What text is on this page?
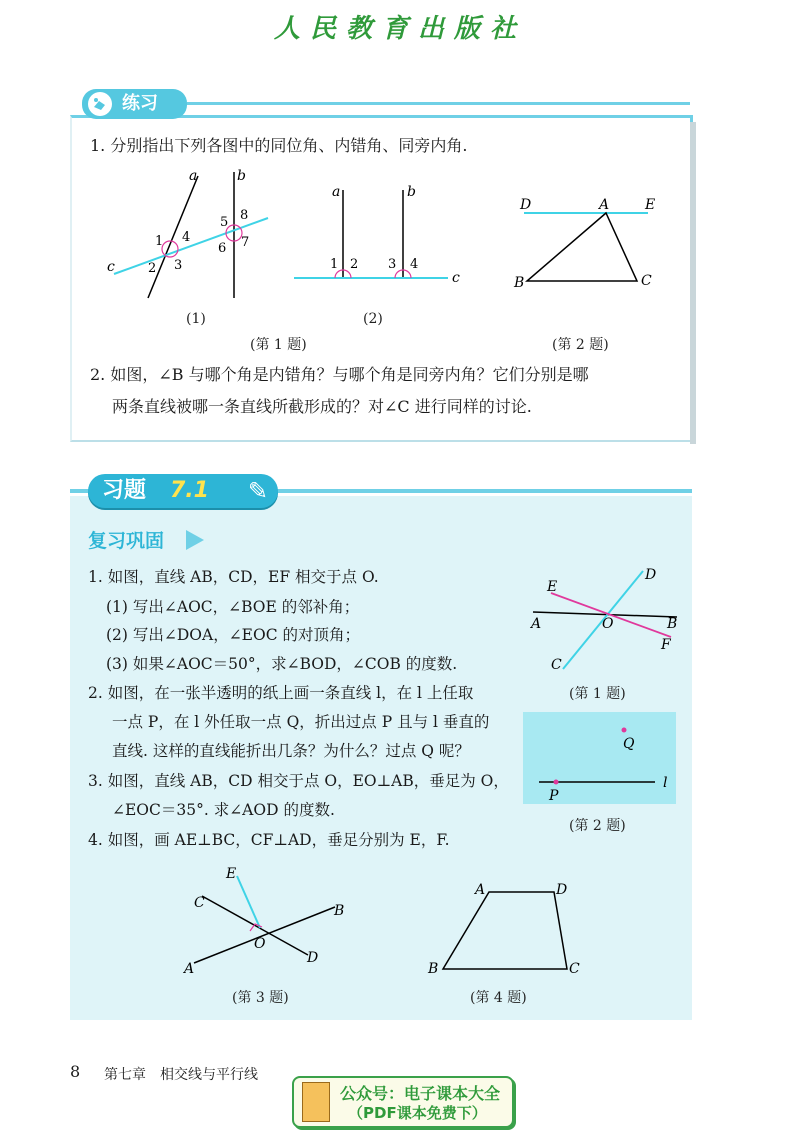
人民教育出版社
练习
1. 分别指出下列各图中的同位角、内错角、同旁内角.
a	b
c
1 4
2 3
5 8
6 7
(1)
a	b
c
1 2 3 4
(2)
D	A	E
B	C
(第 1 题)	(第 2 题)
2. 如图，∠B 与哪个角是内错角？与哪个角是同旁内角？它们分别是哪
两条直线被哪一条直线所截形成的？对∠C 进行同样的讨论.
习题 7.1 ✎
复习巩固
1. 如图，直线 AB，CD，EF 相交于点 O.
(1) 写出∠AOC，∠BOE 的邻补角；
(2) 写出∠DOA，∠EOC 的对顶角；
(3) 如果∠AOC＝50°，求∠BOD，∠COB 的度数.
2. 如图，在一张半透明的纸上画一条直线 l，在 l 上任取
一点 P，在 l 外任取一点 Q，折出过点 P 且与 l 垂直的
直线. 这样的直线能折出几条？为什么？过点 Q 呢？
3. 如图，直线 AB，CD 相交于点 O，EO⊥AB，垂足为 O，
∠EOC＝35°. 求∠AOD 的度数.
4. 如图，画 AE⊥BC，CF⊥AD，垂足分别为 E，F.
E
D
A	O	B
F
C
(第 1 题)
Q
P
l
(第 2 题)
E
C	B
O
D
A
(第 3 题)
A	D
B	C
(第 4 题)
8 第七章　相交线与平行线
公众号：电子课本大全
（PDF课本免费下）
